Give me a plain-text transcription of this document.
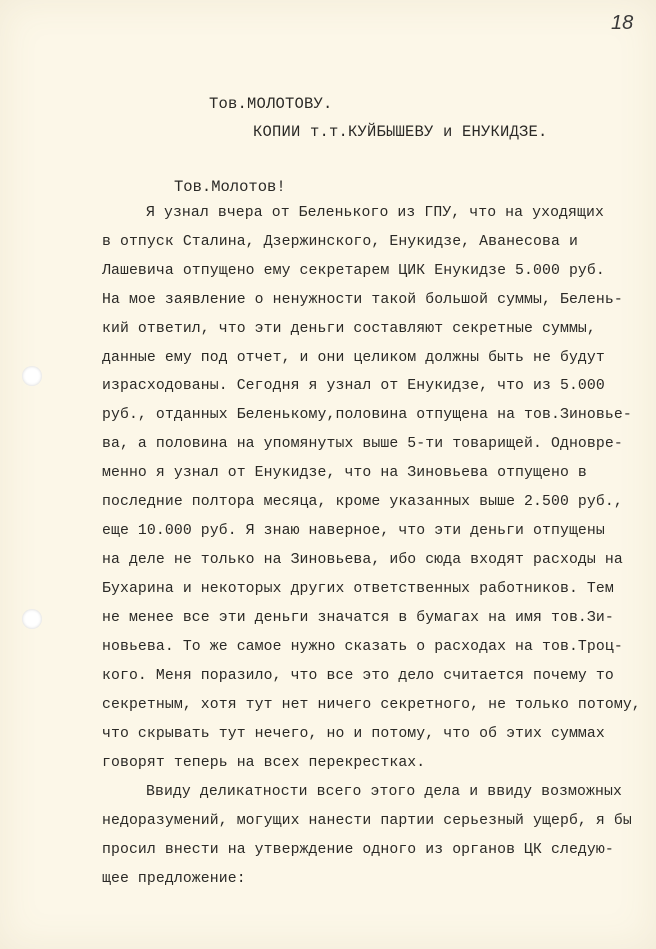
18
Тов.МОЛОТОВУ.
КОПИИ т.т.КУЙБЫШЕВУ и ЕНУКИДЗЕ.
Тов.Молотов!
Я узнал вчера от Беленького из ГПУ, что на уходящих
в отпуск Сталина, Дзержинского, Енукидзе, Аванесова и
Лашевича отпущено ему секретарем ЦИК Енукидзе 5.000 руб.
На мое заявление о ненужности такой большой суммы, Белень-
кий ответил, что эти деньги составляют секретные суммы,
данные ему под отчет, и они целиком должны быть не будут
израсходованы. Сегодня я узнал от Енукидзе, что из 5.000
руб., отданных Беленькому,половина отпущена на тов.Зиновье-
ва, а половина на упомянутых выше 5-ти товарищей. Одновре-
менно я узнал от Енукидзе, что на Зиновьева отпущено в
последние полтора месяца, кроме указанных выше 2.500 руб.,
еще 10.000 руб. Я знаю наверное, что эти деньги отпущены
на деле не только на Зиновьева, ибо сюда входят расходы на
Бухарина и некоторых других ответственных работников. Тем
не менее все эти деньги значатся в бумагах на имя тов.Зи-
новьева. То же самое нужно сказать о расходах на тов.Троц-
кого. Меня поразило, что все это дело считается почему то
секретным, хотя тут нет ничего секретного, не только потому,
что скрывать тут нечего, но и потому, что об этих суммах
говорят теперь на всех перекрестках.
Ввиду деликатности всего этого дела и ввиду возможных
недоразумений, могущих нанести партии серьезный ущерб, я бы
просил внести на утверждение одного из органов ЦК следую-
щее предложение:
